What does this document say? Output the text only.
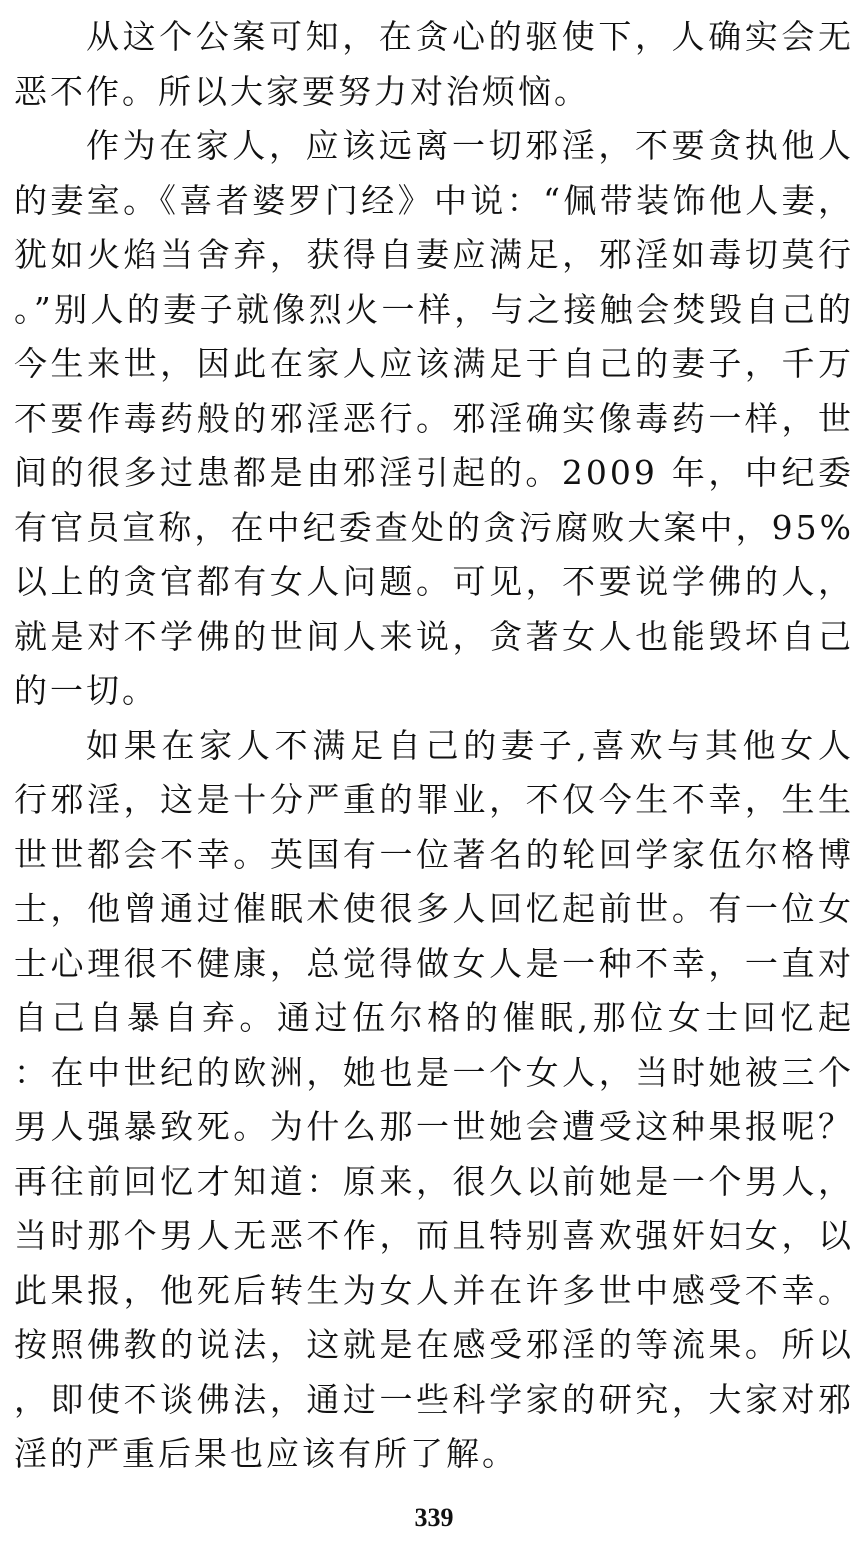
从这个公案可知，在贪心的驱使下，人确实会无恶不作。所以大家要努力对治烦恼。

作为在家人，应该远离一切邪淫，不要贪执他人的妻室。《喜者婆罗门经》中说：“佩带装饰他人妻，犹如火焰当舍弃，获得自妻应满足，邪淫如毒切莫行。”别人的妻子就像烈火一样，与之接触会焚毁自己的今生来世，因此在家人应该满足于自己的妻子，千万不要作毒药般的邪淫恶行。邪淫确实像毒药一样，世间的很多过患都是由邪淫引起的。2009 年，中纪委有官员宣称，在中纪委查处的贪污腐败大案中，95%以上的贪官都有女人问题。可见，不要说学佛的人，就是对不学佛的世间人来说，贪著女人也能毁坏自己的一切。

如果在家人不满足自己的妻子,喜欢与其他女人行邪淫，这是十分严重的罪业，不仅今生不幸，生生世世都会不幸。英国有一位著名的轮回学家伍尔格博士，他曾通过催眠术使很多人回忆起前世。有一位女士心理很不健康，总觉得做女人是一种不幸，一直对自己自暴自弃。通过伍尔格的催眠,那位女士回忆起：在中世纪的欧洲，她也是一个女人，当时她被三个男人强暴致死。为什么那一世她会遭受这种果报呢？再往前回忆才知道：原来，很久以前她是一个男人，当时那个男人无恶不作，而且特别喜欢强奸妇女，以此果报，他死后转生为女人并在许多世中感受不幸。按照佛教的说法，这就是在感受邪淫的等流果。所以，即使不谈佛法，通过一些科学家的研究，大家对邪淫的严重后果也应该有所了解。

339
